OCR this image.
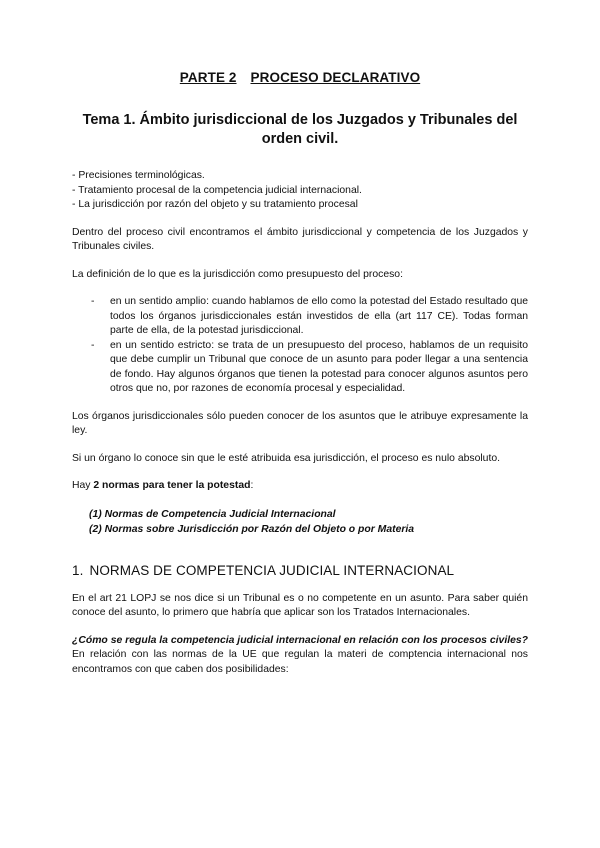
PARTE 2 PROCESO DECLARATIVO
Tema 1. Ámbito jurisdiccional de los Juzgados y Tribunales del orden civil.
- Precisiones terminológicas.
- Tratamiento procesal de la competencia judicial internacional.
- La jurisdicción por razón del objeto y su tratamiento procesal

Dentro del proceso civil encontramos el ámbito jurisdiccional y competencia de los Juzgados y Tribunales civiles.

La definición de lo que es la jurisdicción como presupuesto del proceso:

- en un sentido amplio: cuando hablamos de ello como la potestad del Estado resultado que todos los órganos jurisdiccionales están investidos de ella (art 117 CE). Todas forman parte de ella, de la potestad jurisdiccional.
- en un sentido estricto: se trata de un presupuesto del proceso, hablamos de un requisito que debe cumplir un Tribunal que conoce de un asunto para poder llegar a una sentencia de fondo. Hay algunos órganos que tienen la potestad para conocer algunos asuntos pero otros que no, por razones de economía procesal y especialidad.

Los órganos jurisdiccionales sólo pueden conocer de los asuntos que le atribuye expresamente la ley.

Si un órgano lo conoce sin que le esté atribuida esa jurisdicción, el proceso es nulo absoluto.

Hay 2 normas para tener la potestad:
(1) Normas de Competencia Judicial Internacional
(2) Normas sobre Jurisdicción por Razón del Objeto o por Materia
1. NORMAS DE COMPETENCIA JUDICIAL INTERNACIONAL

En el art 21 LOPJ se nos dice si un Tribunal es o no competente en un asunto. Para saber quién conoce del asunto, lo primero que habría que aplicar son los Tratados Internacionales.

¿Cómo se regula la competencia judicial internacional en relación con los procesos civiles? En relación con las normas de la UE que regulan la materi de comptencia internacional nos encontramos con que caben dos posibilidades:
